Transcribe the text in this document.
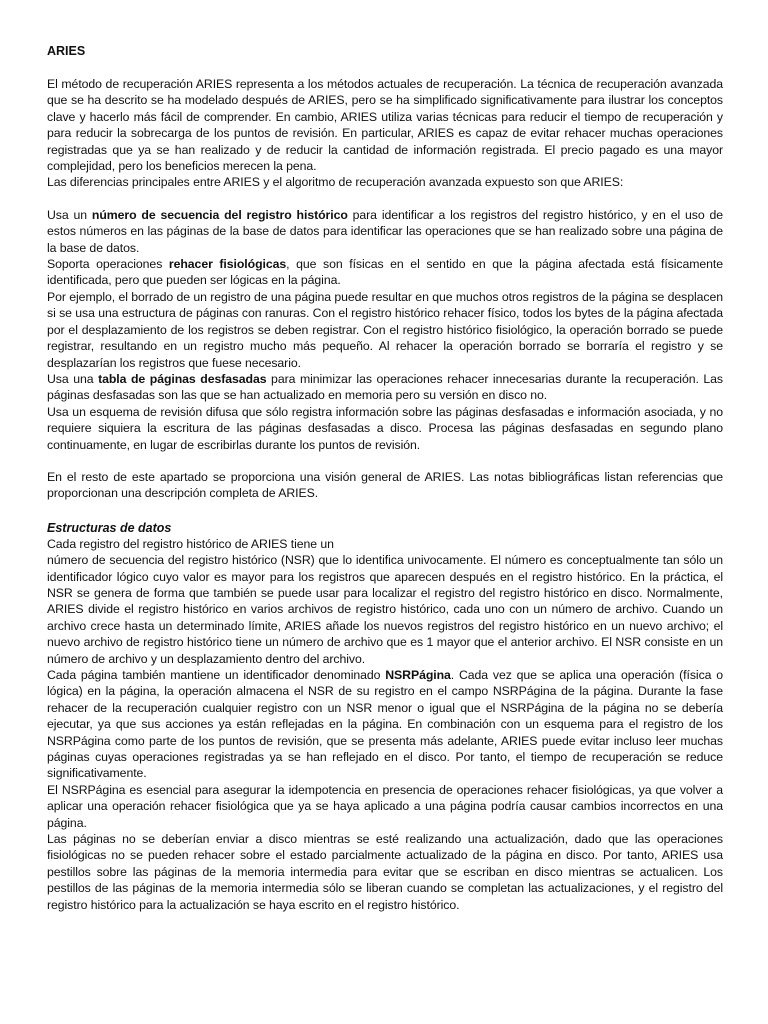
ARIES

El método de recuperación ARIES representa a los métodos actuales de recuperación. La técnica de recuperación avanzada que se ha descrito se ha modelado después de ARIES, pero se ha simplificado significativamente para ilustrar los conceptos clave y hacerlo más fácil de comprender. En cambio, ARIES utiliza varias técnicas para reducir el tiempo de recuperación y para reducir la sobrecarga de los puntos de revisión. En particular, ARIES es capaz de evitar rehacer muchas operaciones registradas que ya se han realizado y de reducir la cantidad de información registrada. El precio pagado es una mayor complejidad, pero los beneficios merecen la pena.

Las diferencias principales entre ARIES y el algoritmo de recuperación avanzada expuesto son que ARIES:

Usa un número de secuencia del registro histórico para identificar a los registros del registro histórico, y en el uso de estos números en las páginas de la base de datos para identificar las operaciones que se han realizado sobre una página de la base de datos.

Soporta operaciones rehacer fisiológicas, que son físicas en el sentido en que la página afectada está físicamente identificada, pero que pueden ser lógicas en la página.

Por ejemplo, el borrado de un registro de una página puede resultar en que muchos otros registros de la página se desplacen si se usa una estructura de páginas con ranuras. Con el registro histórico rehacer físico, todos los bytes de la página afectada por el desplazamiento de los registros se deben registrar. Con el registro histórico fisiológico, la operación borrado se puede registrar, resultando en un registro mucho más pequeño. Al rehacer la operación borrado se borraría el registro y se desplazarían los registros que fuese necesario.

Usa una tabla de páginas desfasadas para minimizar las operaciones rehacer innecesarias durante la recuperación. Las páginas desfasadas son las que se han actualizado en memoria pero su versión en disco no.

Usa un esquema de revisión difusa que sólo registra información sobre las páginas desfasadas e información asociada, y no requiere siquiera la escritura de las páginas desfasadas a disco. Procesa las páginas desfasadas en segundo plano continuamente, en lugar de escribirlas durante los puntos de revisión.

En el resto de este apartado se proporciona una visión general de ARIES. Las notas bibliográficas listan referencias que proporcionan una descripción completa de ARIES.

Estructuras de datos

Cada registro del registro histórico de ARIES tiene un

número de secuencia del registro histórico (NSR) que lo identifica univocamente. El número es conceptualmente tan sólo un identificador lógico cuyo valor es mayor para los registros que aparecen después en el registro histórico. En la práctica, el NSR se genera de forma que también se puede usar para localizar el registro del registro histórico en disco. Normalmente, ARIES divide el registro histórico en varios archivos de registro histórico, cada uno con un número de archivo. Cuando un archivo crece hasta un determinado límite, ARIES añade los nuevos registros del registro histórico en un nuevo archivo; el nuevo archivo de registro histórico tiene un número de archivo que es 1 mayor que el anterior archivo. El NSR consiste en un número de archivo y un desplazamiento dentro del archivo.

Cada página también mantiene un identificador denominado NSRPágina. Cada vez que se aplica una operación (física o lógica) en la página, la operación almacena el NSR de su registro en el campo NSRPágina de la página. Durante la fase rehacer de la recuperación cualquier registro con un NSR menor o igual que el NSRPágina de la página no se debería ejecutar, ya que sus acciones ya están reflejadas en la página. En combinación con un esquema para el registro de los NSRPágina como parte de los puntos de revisión, que se presenta más adelante, ARIES puede evitar incluso leer muchas páginas cuyas operaciones registradas ya se han reflejado en el disco. Por tanto, el tiempo de recuperación se reduce significativamente.

El NSRPágina es esencial para asegurar la idempotencia en presencia de operaciones rehacer fisiológicas, ya que volver a aplicar una operación rehacer fisiológica que ya se haya aplicado a una página podría causar cambios incorrectos en una página.

Las páginas no se deberían enviar a disco mientras se esté realizando una actualización, dado que las operaciones fisiológicas no se pueden rehacer sobre el estado parcialmente actualizado de la página en disco. Por tanto, ARIES usa pestillos sobre las páginas de la memoria intermedia para evitar que se escriban en disco mientras se actualicen. Los pestillos de las páginas de la memoria intermedia sólo se liberan cuando se completan las actualizaciones, y el registro del registro histórico para la actualización se haya escrito en el registro histórico.
